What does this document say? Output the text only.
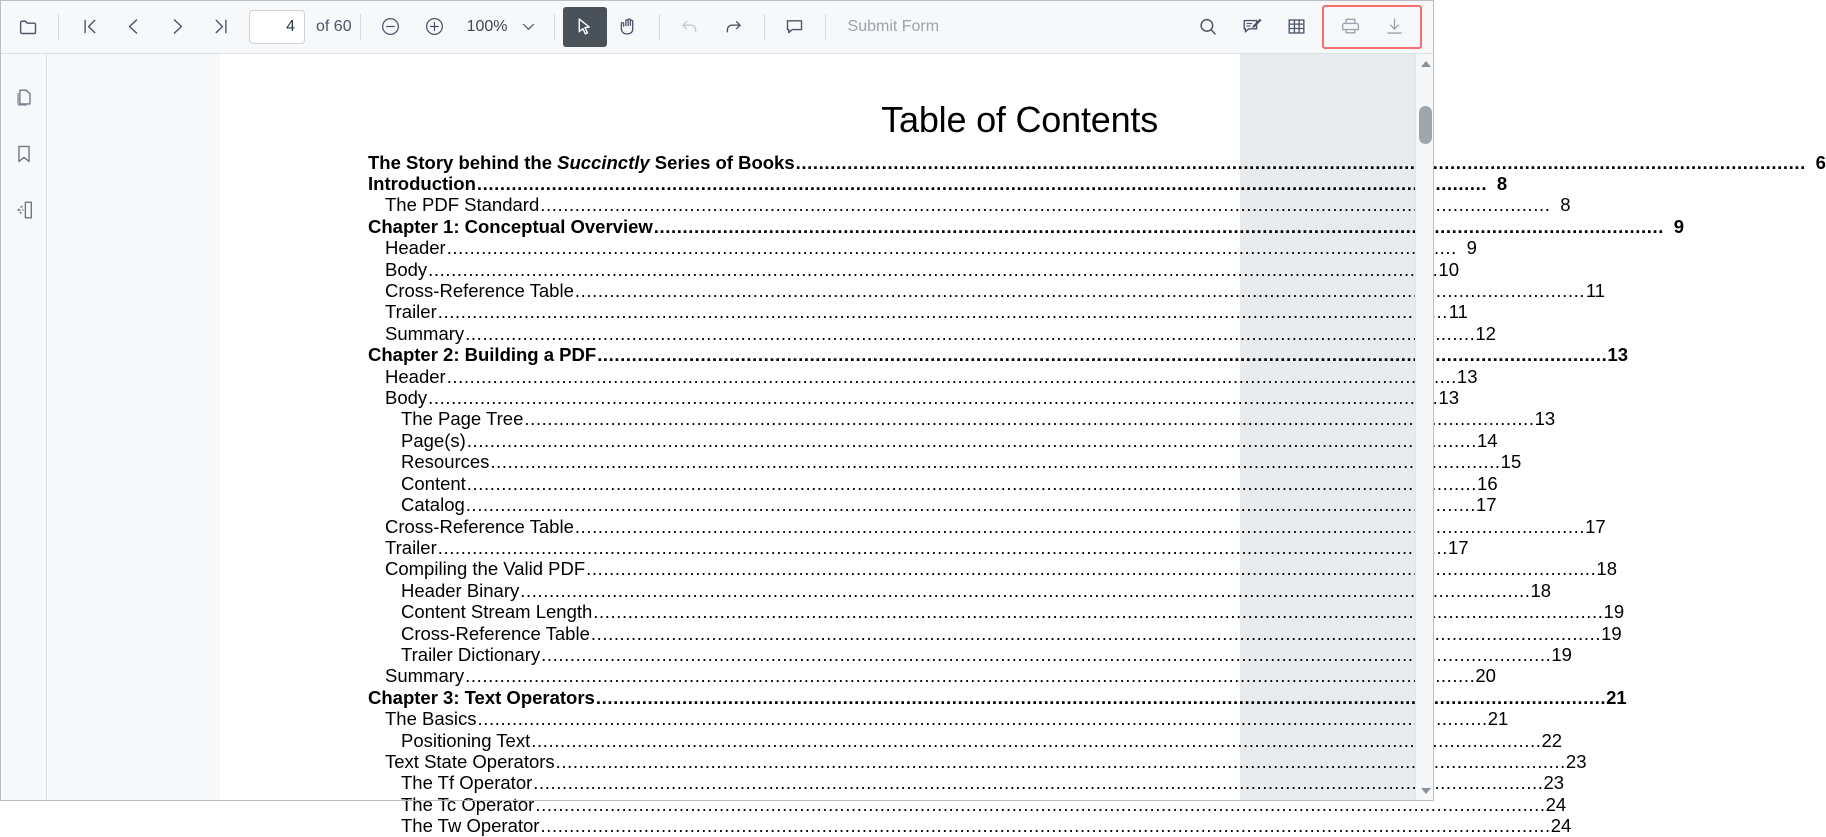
4
of 60	100%	Submit Form
Table of Contents
The Story behind the Succinctly Series of Books .....	6
Introduction .....	8
The PDF Standard .....	8
Chapter 1: Conceptual Overview .....	9
Header .....	9
Body .....	10
Cross-Reference Table .....	11
Trailer .....	11
Summary .....	12
Chapter 2: Building a PDF .....	13
Header .....	13
Body .....	13
The Page Tree .....	13
Page(s) .....	14
Resources .....	15
Content .....	16
Catalog .....	17
Cross-Reference Table .....	17
Trailer .....	17
Compiling the Valid PDF .....	18
Header Binary .....	18
Content Stream Length .....	19
Cross-Reference Table .....	19
Trailer Dictionary .....	19
Summary .....	20
Chapter 3: Text Operators .....	21
The Basics .....	21
Positioning Text .....	22
Text State Operators .....	23
The Tf Operator .....	23
The Tc Operator .....	24
The Tw Operator .....	24
